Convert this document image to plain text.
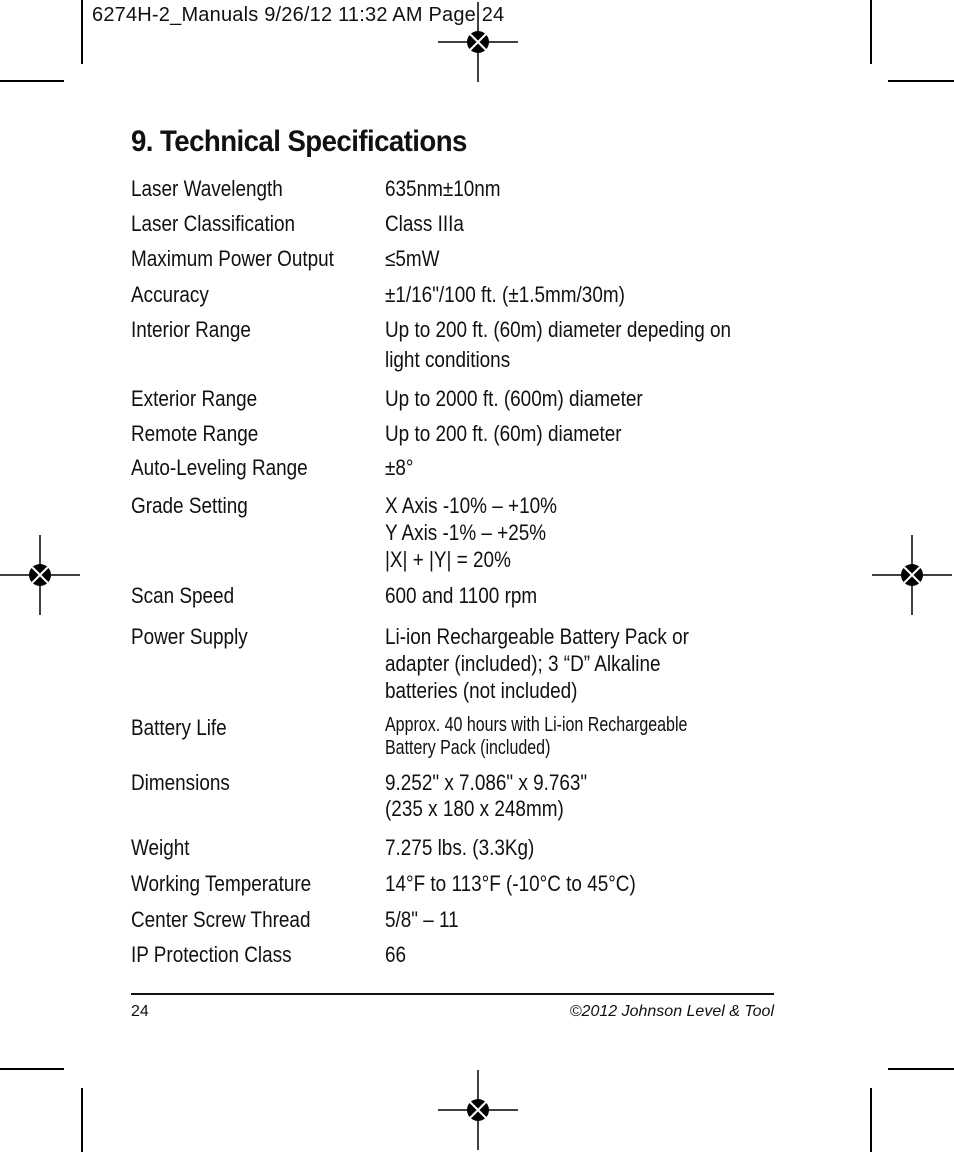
6274H-2_Manuals 9/26/12 11:32 AM Page 24
9. Technical Specifications
Laser Wavelength	635nm±10nm
Laser Classification	Class IIIa
Maximum Power Output ≤5mW
Accuracy	±1/16"/100 ft. (±1.5mm/30m)
Interior Range	Up to 200 ft. (60m) diameter depeding on
light conditions
Exterior Range	Up to 2000 ft. (600m) diameter
Remote Range	Up to 200 ft. (60m) diameter
Auto-Leveling Range	±8°
Grade Setting	X Axis -10% – +10%
Y Axis -1% – +25%
|X| + |Y| = 20%
Scan Speed	600 and 1100 rpm
Power Supply	Li-ion Rechargeable Battery Pack or
adapter (included); 3 “D” Alkaline
batteries (not included)
Battery Life	Approx. 40 hours with Li-ion Rechargeable
Battery Pack (included)
Dimensions	9.252" x 7.086" x 9.763"
(235 x 180 x 248mm)
Weight	7.275 lbs. (3.3Kg)
Working Temperature	14°F to 113°F (-10°C to 45°C)
Center Screw Thread	5/8" – 11
IP Protection Class	66
24	©2012 Johnson Level & Tool
